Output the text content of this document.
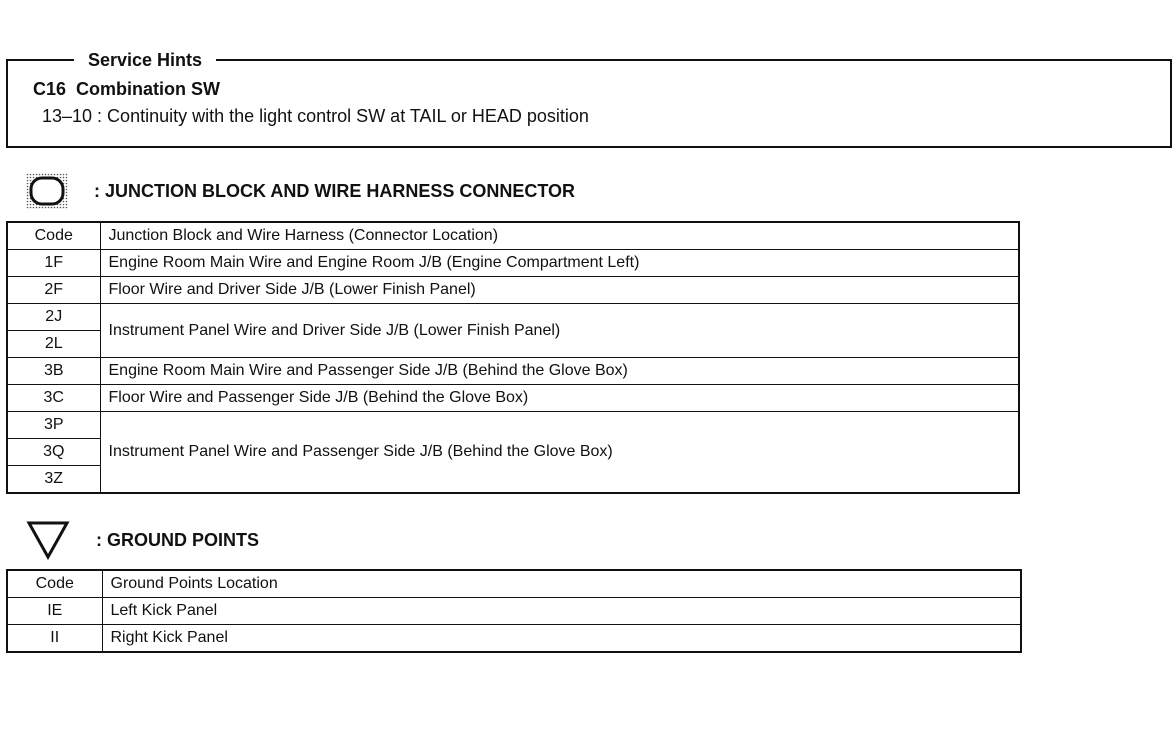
Service Hints
C16 Combination SW
13–10 : Continuity with the light control SW at TAIL or HEAD position
: JUNCTION BLOCK AND WIRE HARNESS CONNECTOR
Code	Junction Block and Wire Harness (Connector Location)
1F	Engine Room Main Wire and Engine Room J/B (Engine Compartment Left)
2F	Floor Wire and Driver Side J/B (Lower Finish Panel)
2J	Instrument Panel Wire and Driver Side J/B (Lower Finish Panel)
2L	
3B	Engine Room Main Wire and Passenger Side J/B (Behind the Glove Box)
3C	Floor Wire and Passenger Side J/B (Behind the Glove Box)
3P	Instrument Panel Wire and Passenger Side J/B (Behind the Glove Box)
3Q	
3Z	
: GROUND POINTS
Code	Ground Points Location
IE	Left Kick Panel
II	Right Kick Panel
